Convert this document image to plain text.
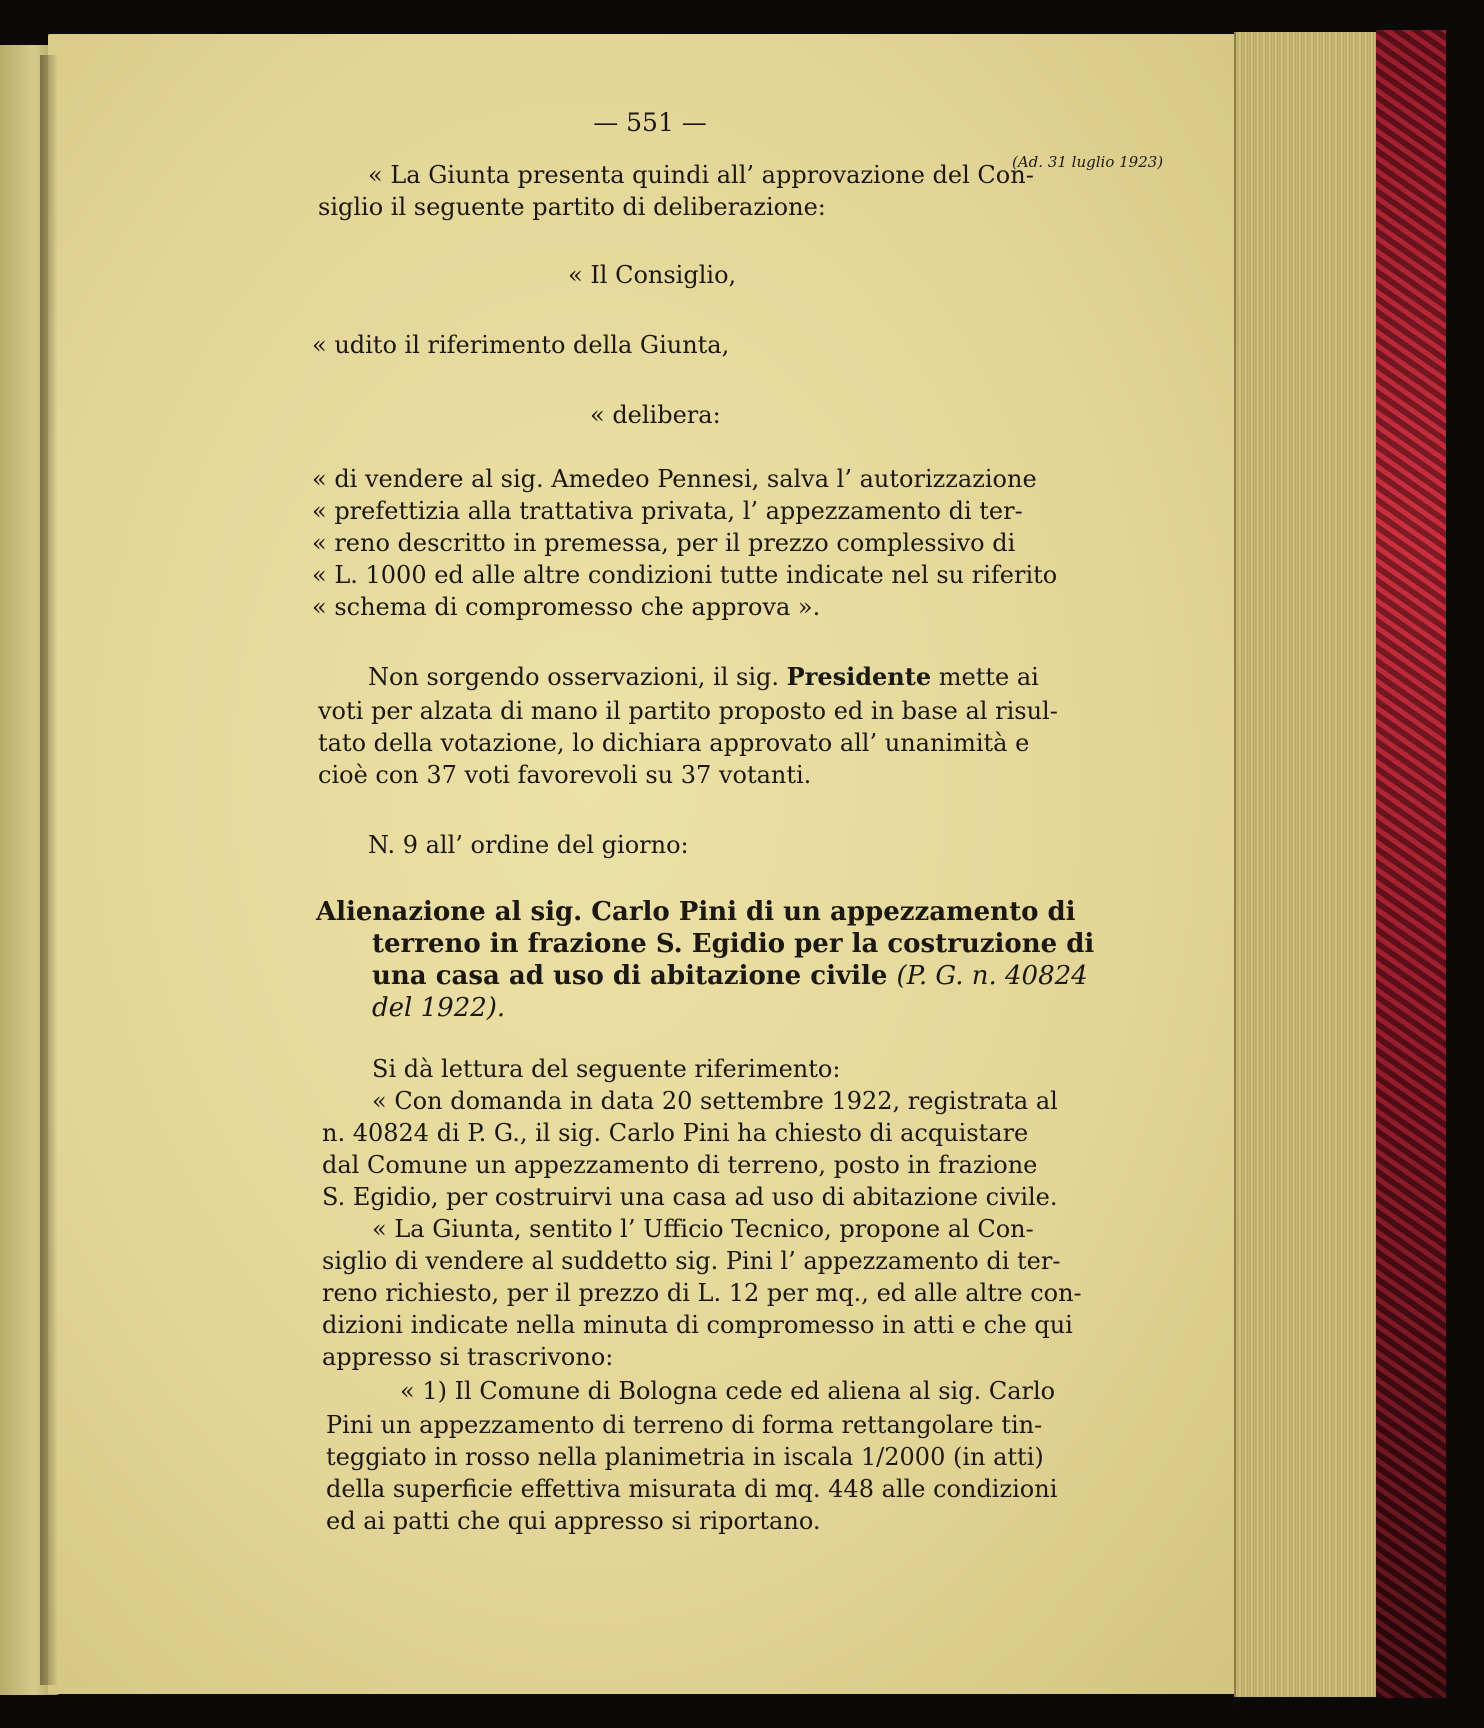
— 551 —
(Ad. 31 luglio 1923)
« La Giunta presenta quindi all’ approvazione del Con-
siglio il seguente partito di deliberazione:
« Il Consiglio,
« udito il riferimento della Giunta,
« delibera:
« di vendere al sig. Amedeo Pennesi, salva l’ autorizzazione
« prefettizia alla trattativa privata, l’ appezzamento di ter-
« reno descritto in premessa, per il prezzo complessivo di
« L. 1000 ed alle altre condizioni tutte indicate nel su riferito
« schema di compromesso che approva ».
Non sorgendo osservazioni, il sig. Presidente mette ai
voti per alzata di mano il partito proposto ed in base al risul-
tato della votazione, lo dichiara approvato all’ unanimità e
cioè con 37 voti favorevoli su 37 votanti.
N. 9 all’ ordine del giorno:
Alienazione al sig. Carlo Pini di un appezzamento di
terreno in frazione S. Egidio per la costruzione di
una casa ad uso di abitazione civile (P. G. n. 40824
del 1922).
Si dà lettura del seguente riferimento:
« Con domanda in data 20 settembre 1922, registrata al
n. 40824 di P. G., il sig. Carlo Pini ha chiesto di acquistare
dal Comune un appezzamento di terreno, posto in frazione
S. Egidio, per costruirvi una casa ad uso di abitazione civile.
« La Giunta, sentito l’ Ufficio Tecnico, propone al Con-
siglio di vendere al suddetto sig. Pini l’ appezzamento di ter-
reno richiesto, per il prezzo di L. 12 per mq., ed alle altre con-
dizioni indicate nella minuta di compromesso in atti e che qui
appresso si trascrivono:
« 1) Il Comune di Bologna cede ed aliena al sig. Carlo
Pini un appezzamento di terreno di forma rettangolare tin-
teggiato in rosso nella planimetria in iscala 1/2000 (in atti)
della superficie effettiva misurata di mq. 448 alle condizioni
ed ai patti che qui appresso si riportano.
